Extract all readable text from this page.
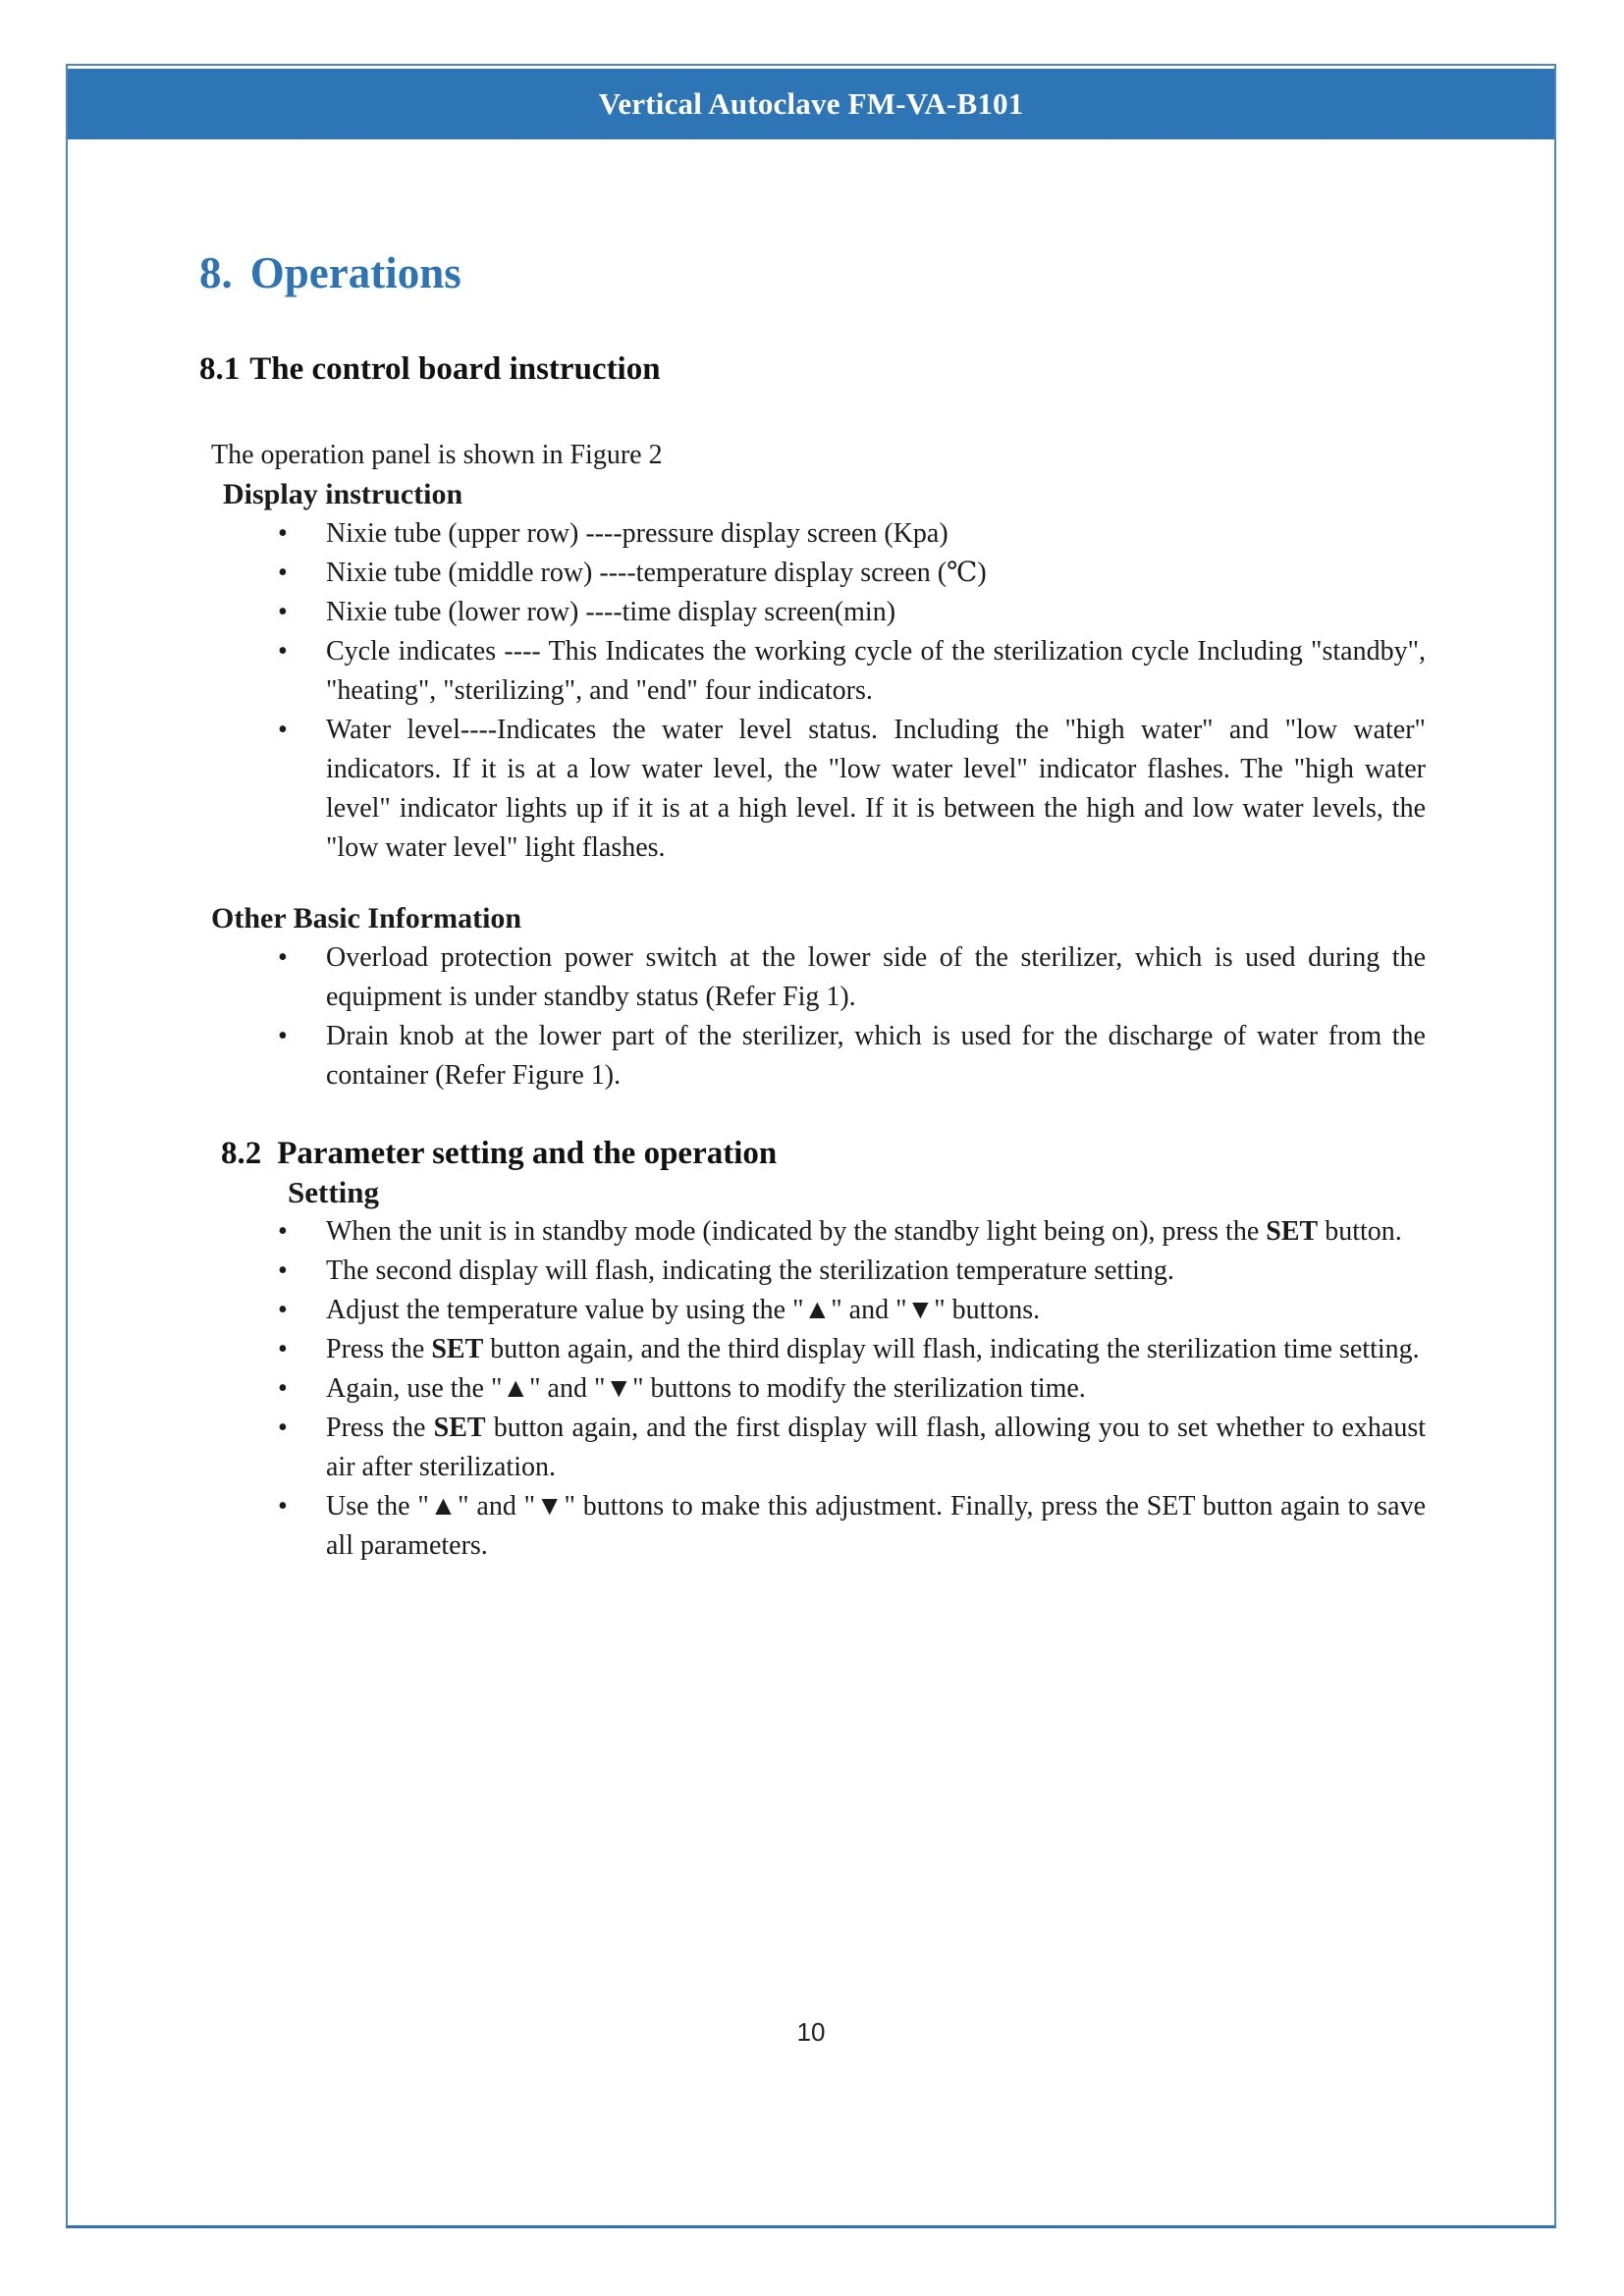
Vertical Autoclave FM-VA-B101
8. Operations
8.1 The control board instruction

The operation panel is shown in Figure 2

Display instruction

• Nixie tube (upper row) ----pressure display screen (Kpa)
• Nixie tube (middle row) ----temperature display screen (℃)
• Nixie tube (lower row) ----time display screen(min)
• Cycle indicates ---- This Indicates the working cycle of the sterilization cycle Including "standby", "heating", "sterilizing", and "end" four indicators.
• Water level----Indicates the water level status. Including the "high water" and "low water" indicators. If it is at a low water level, the "low water level" indicator flashes. The "high water level" indicator lights up if it is at a high level. If it is between the high and low water levels, the "low water level" light flashes.

Other Basic Information

• Overload protection power switch at the lower side of the sterilizer, which is used during the equipment is under standby status (Refer Fig 1).
• Drain knob at the lower part of the sterilizer, which is used for the discharge of water from the container (Refer Figure 1).
8.2 Parameter setting and the operation

Setting

• When the unit is in standby mode (indicated by the standby light being on), press the SET button.
• The second display will flash, indicating the sterilization temperature setting.
• Adjust the temperature value by using the "▲" and "▼" buttons.
• Press the SET button again, and the third display will flash, indicating the sterilization time setting.
• Again, use the "▲" and "▼" buttons to modify the sterilization time.
• Press the SET button again, and the first display will flash, allowing you to set whether to exhaust air after sterilization.
• Use the "▲" and "▼" buttons to make this adjustment. Finally, press the SET button again to save all parameters.
10
